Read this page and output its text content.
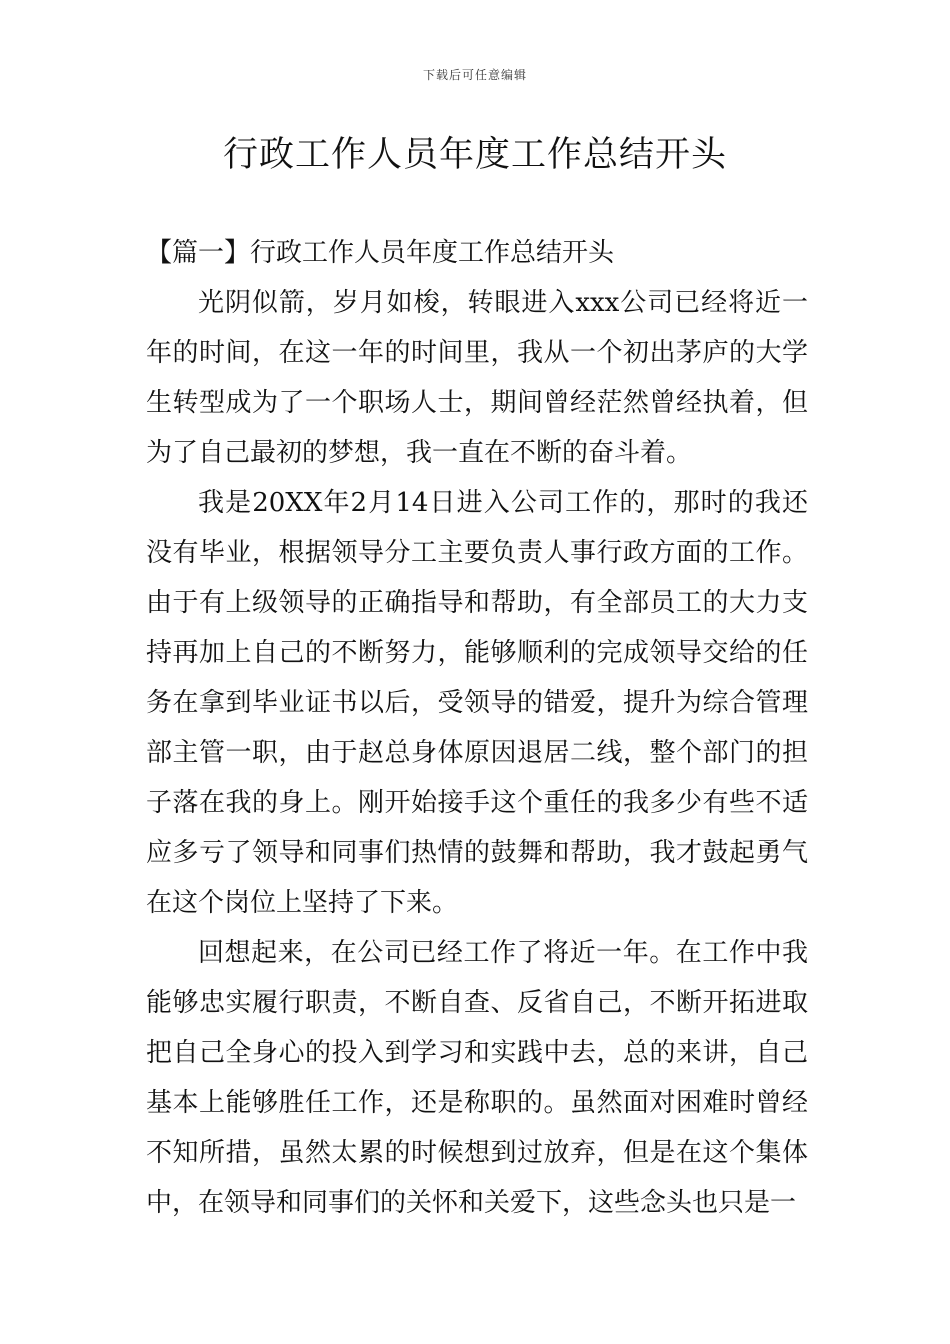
下载后可任意编辑
行政工作人员年度工作总结开头

【篇一】行政工作人员年度工作总结开头

光阴似箭，岁月如梭，转眼进入xxx公司已经将近一年的时间，在这一年的时间里，我从一个初出茅庐的大学生转型成为了一个职场人士，期间曾经茫然曾经执着，但为了自己最初的梦想，我一直在不断的奋斗着。

我是20XX年2月14日进入公司工作的，那时的我还没有毕业，根据领导分工主要负责人事行政方面的工作。由于有上级领导的正确指导和帮助，有全部员工的大力支持再加上自己的不断努力，能够顺利的完成领导交给的任务在拿到毕业证书以后，受领导的错爱，提升为综合管理部主管一职，由于赵总身体原因退居二线，整个部门的担子落在我的身上。刚开始接手这个重任的我多少有些不适应多亏了领导和同事们热情的鼓舞和帮助，我才鼓起勇气在这个岗位上坚持了下来。

回想起来，在公司已经工作了将近一年。在工作中我能够忠实履行职责，不断自查、反省自己，不断开拓进取把自己全身心的投入到学习和实践中去，总的来讲，自己基本上能够胜任工作，还是称职的。虽然面对困难时曾经不知所措，虽然太累的时候想到过放弃，但是在这个集体中，在领导和同事们的关怀和关爱下，这些念头也只是一
